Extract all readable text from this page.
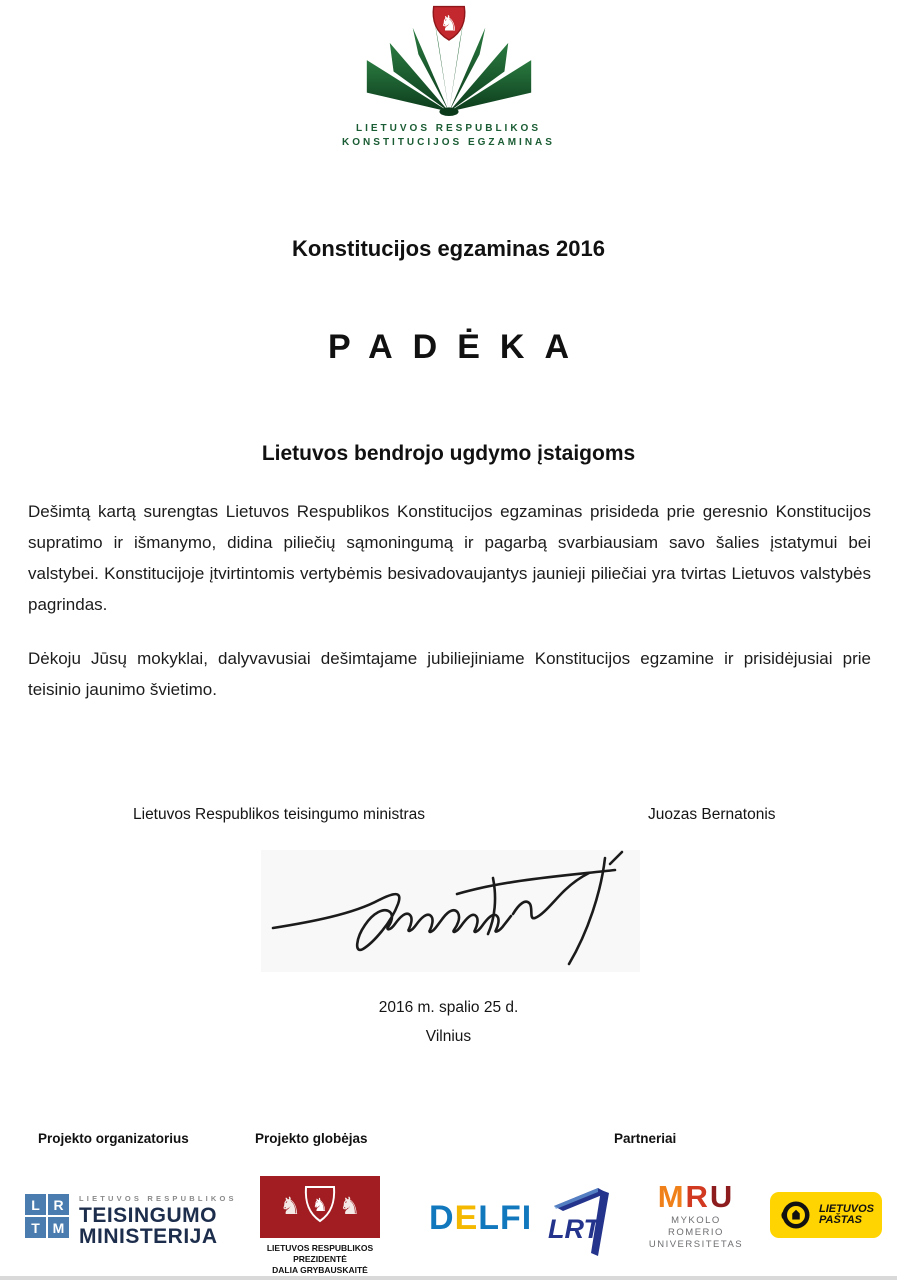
♞
LIETUVOS RESPUBLIKOS
KONSTITUCIJOS EGZAMINAS
Konstitucijos egzaminas 2016
PADĖKA
Lietuvos bendrojo ugdymo įstaigoms

Dešimtą kartą surengtas Lietuvos Respublikos Konstitucijos egzaminas prisideda prie geresnio Konstitucijos supratimo ir išmanymo, didina piliečių sąmoningumą ir pagarbą svarbiausiam savo šalies įstatymui bei valstybei. Konstitucijoje įtvirtintomis vertybėmis besivadovaujantys jaunieji piliečiai yra tvirtas Lietuvos valstybės pagrindas.

Dėkoju Jūsų mokyklai, dalyvavusiai dešimtajame jubiliejiniame Konstitucijos egzamine ir prisidėjusiai prie teisinio jaunimo švietimo.

Lietuvos Respublikos teisingumo ministras	Juozas Bernatonis
2016 m. spalio 25 d.
Vilnius
Projekto organizatorius	Projekto globėjas	Partneriai
L R
T M
LIETUVOS RESPUBLIKOS
TEISINGUMO
MINISTERIJA
♞ ♞ ♞
LIETUVOS RESPUBLIKOS PREZIDENTĖ
DALIA GRYBAUSKAITĖ
DELFI LRT
MRU
MYKOLO ROMERIO
UNIVERSITETAS
LIETUVOS
PAŠTAS
